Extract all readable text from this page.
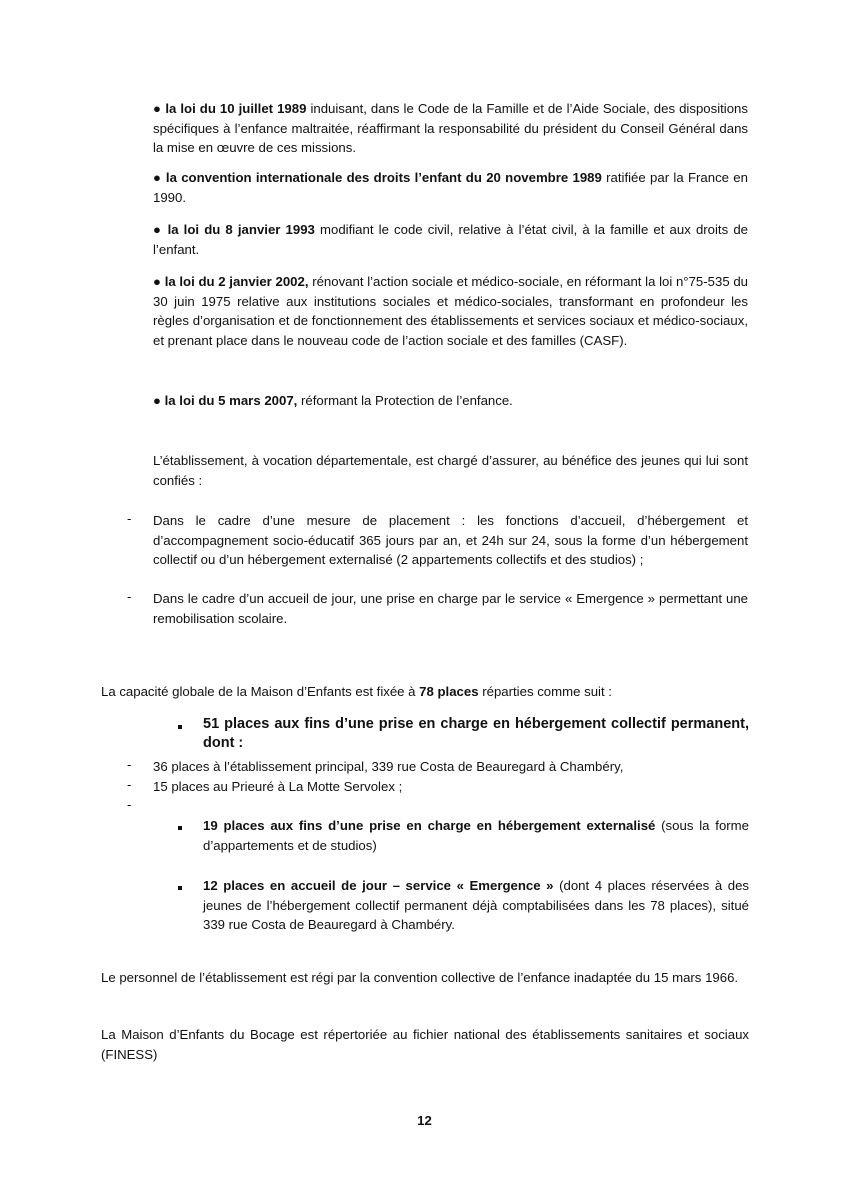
● la loi du 10 juillet 1989 induisant, dans le Code de la Famille et de l’Aide Sociale, des dispositions spécifiques à l’enfance maltraitée, réaffirmant la responsabilité du président du Conseil Général dans la mise en œuvre de ces missions.

● la convention internationale des droits l’enfant du 20 novembre 1989 ratifiée par la France en 1990.

● la loi du 8 janvier 1993 modifiant le code civil, relative à l’état civil, à la famille et aux droits de l’enfant.

● la loi du 2 janvier 2002, rénovant l’action sociale et médico-sociale, en réformant la loi n°75-535 du 30 juin 1975 relative aux institutions sociales et médico-sociales, transformant en profondeur les règles d’organisation et de fonctionnement des établissements et services sociaux et médico-sociaux, et prenant place dans le nouveau code de l’action sociale et des familles (CASF).

● la loi du 5 mars 2007, réformant la Protection de l’enfance.

L’établissement, à vocation départementale, est chargé d’assurer, au bénéfice des jeunes qui lui sont confiés :

- Dans le cadre d’une mesure de placement : les fonctions d’accueil, d’hébergement et d’accompagnement socio-éducatif 365 jours par an, et 24h sur 24, sous la forme d’un hébergement collectif ou d’un hébergement externalisé (2 appartements collectifs et des studios) ;

- Dans le cadre d’un accueil de jour, une prise en charge par le service « Emergence » permettant une remobilisation scolaire.

La capacité globale de la Maison d’Enfants est fixée à 78 places réparties comme suit :

51 places aux fins d’une prise en charge en hébergement collectif permanent, dont :

- 36 places à l’établissement principal, 339 rue Costa de Beauregard à Chambéry,

- 15 places au Prieuré à La Motte Servolex ;

-

19 places aux fins d’une prise en charge en hébergement externalisé (sous la forme d’appartements et de studios)

12 places en accueil de jour – service « Emergence » (dont 4 places réservées à des jeunes de l’hébergement collectif permanent déjà comptabilisées dans les 78 places), situé 339 rue Costa de Beauregard à Chambéry.

Le personnel de l’établissement est régi par la convention collective de l’enfance inadaptée du 15 mars 1966.

La Maison d’Enfants du Bocage est répertoriée au fichier national des établissements sanitaires et sociaux (FINESS)

12
